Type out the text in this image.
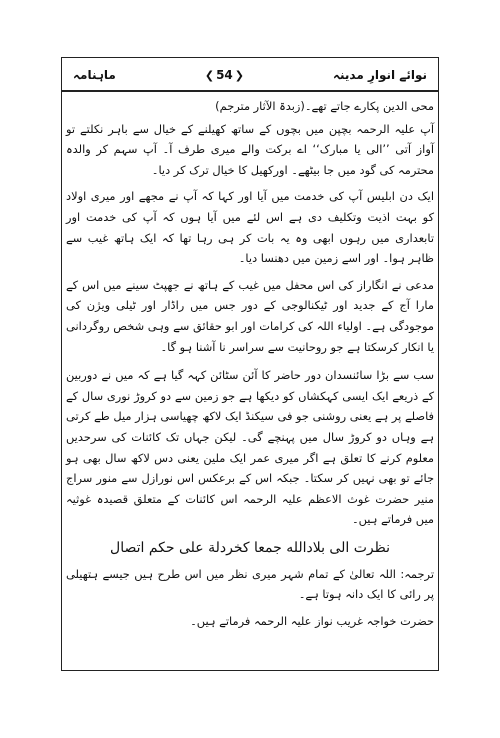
ماہنامہ	❮ 54 ❯	نوائے انوارِ مدینہ

محی الدین پکارے جاتے تھے۔(زبدۃ الآثار مترجم)

آپ علیہ الرحمہ بچپن میں بچوں کے ساتھ کھیلنے کے خیال سے باہر نکلتے تو آواز آتی ’’الی یا مبارک‘‘ اے برکت والے میری طرف آ۔ آپ سہم کر والدہ محترمہ کی گود میں جا بیٹھے۔ اورکھیل کا خیال ترک کر دیا۔

ایک دن ابلیس آپ کی خدمت میں آیا اور کہا کہ آپ نے مجھے اور میری اولاد کو بہت اذیت وتکلیف دی ہے اس لئے میں آیا ہوں کہ آپ کی خدمت اور تابعداری میں رہوں ابھی وہ یہ بات کر ہی رہا تھا کہ ایک ہاتھ غیب سے ظاہر ہوا۔ اور اسے زمین میں دھنسا دیا۔

مدعی نے انگاراز کی اس محفل میں غیب کے ہاتھ نے جھپٹ سینے میں اس کے مارا آج کے جدید اور ٹیکنالوجی کے دور جس میں راڈار اور ٹیلی ویژن کی موجودگی ہے۔ اولیاء اللہ کی کرامات اور ابو حقائق سے وہی شخص روگردانی یا انکار کرسکتا ہے جو روحانیت سے سراسر نا آشنا ہو گا۔

سب سے بڑا سائنسدان دور حاضر کا آئن سٹائن کہہ گیا ہے کہ میں نے دوربین کے ذریعے ایک ایسی کہکشاں کو دیکھا ہے جو زمین سے دو کروڑ نوری سال کے فاصلے پر ہے یعنی روشنی جو فی سیکنڈ ایک لاکھ چھیاسی ہزار میل طے کرتی ہے وہاں دو کروڑ سال میں پہنچے گی۔ لیکن جہاں تک کائنات کی سرحدیں معلوم کرنے کا تعلق ہے اگر میری عمر ایک ملین یعنی دس لاکھ سال بھی ہو جائے تو بھی نہیں کر سکتا۔ جبکہ اس کے برعکس اس نورازل سے منور سراج منیر حضرت غوث الاعظم علیہ الرحمہ اس کائنات کے متعلق قصیدہ غوثیہ میں فرماتے ہیں۔

نظرت الی بلادالله جمعا کخردلة علی حکم اتصال

ترجمہ: اللہ تعالیٰ کے تمام شہر میری نظر میں اس طرح ہیں جیسے ہتھیلی پر رائی کا ایک دانہ ہوتا ہے۔

حضرت خواجہ غریب نواز علیہ الرحمہ فرماتے ہیں۔
